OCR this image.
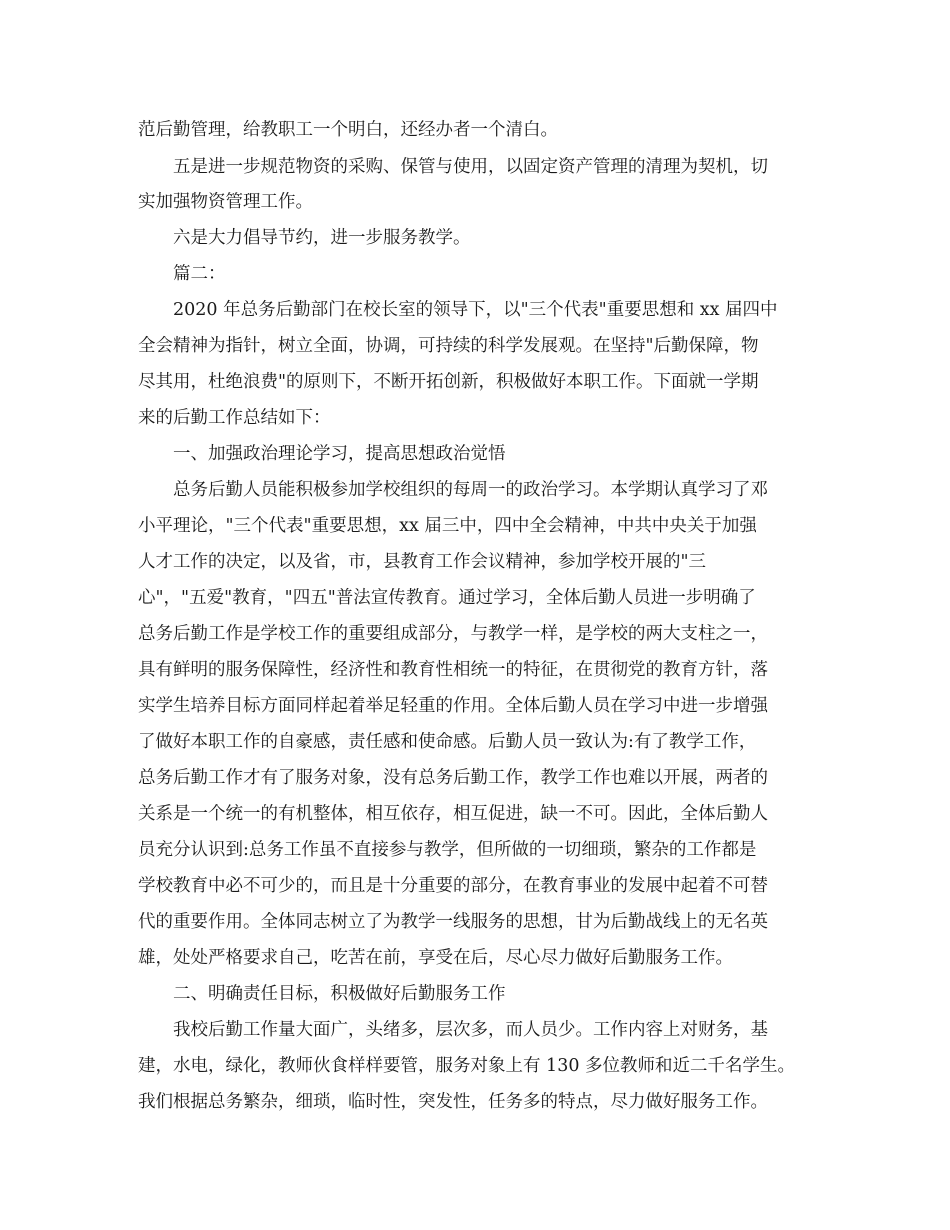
范后勤管理，给教职工一个明白，还经办者一个清白。
五是进一步规范物资的采购、保管与使用，以固定资产管理的清理为契机，切
实加强物资管理工作。
六是大力倡导节约，进一步服务教学。
篇二：
2020 年总务后勤部门在校长室的领导下，以"三个代表"重要思想和 xx 届四中
全会精神为指针，树立全面，协调，可持续的科学发展观。在坚持"后勤保障，物
尽其用，杜绝浪费"的原则下，不断开拓创新，积极做好本职工作。下面就一学期
来的后勤工作总结如下：
一、加强政治理论学习，提高思想政治觉悟
总务后勤人员能积极参加学校组织的每周一的政治学习。本学期认真学习了邓
小平理论，"三个代表"重要思想，xx 届三中，四中全会精神，中共中央关于加强
人才工作的决定，以及省，市，县教育工作会议精神，参加学校开展的"三
心"，"五爱"教育，"四五"普法宣传教育。通过学习，全体后勤人员进一步明确了
总务后勤工作是学校工作的重要组成部分，与教学一样，是学校的两大支柱之一，
具有鲜明的服务保障性，经济性和教育性相统一的特征，在贯彻党的教育方针，落
实学生培养目标方面同样起着举足轻重的作用。全体后勤人员在学习中进一步增强
了做好本职工作的自豪感，责任感和使命感。后勤人员一致认为:有了教学工作，
总务后勤工作才有了服务对象，没有总务后勤工作，教学工作也难以开展，两者的
关系是一个统一的有机整体，相互依存，相互促进，缺一不可。因此，全体后勤人
员充分认识到:总务工作虽不直接参与教学，但所做的一切细琐，繁杂的工作都是
学校教育中必不可少的，而且是十分重要的部分，在教育事业的发展中起着不可替
代的重要作用。全体同志树立了为教学一线服务的思想，甘为后勤战线上的无名英
雄，处处严格要求自己，吃苦在前，享受在后，尽心尽力做好后勤服务工作。
二、明确责任目标，积极做好后勤服务工作
我校后勤工作量大面广，头绪多，层次多，而人员少。工作内容上对财务，基
建，水电，绿化，教师伙食样样要管，服务对象上有 130 多位教师和近二千名学生。
我们根据总务繁杂，细琐，临时性，突发性，任务多的特点，尽力做好服务工作。
